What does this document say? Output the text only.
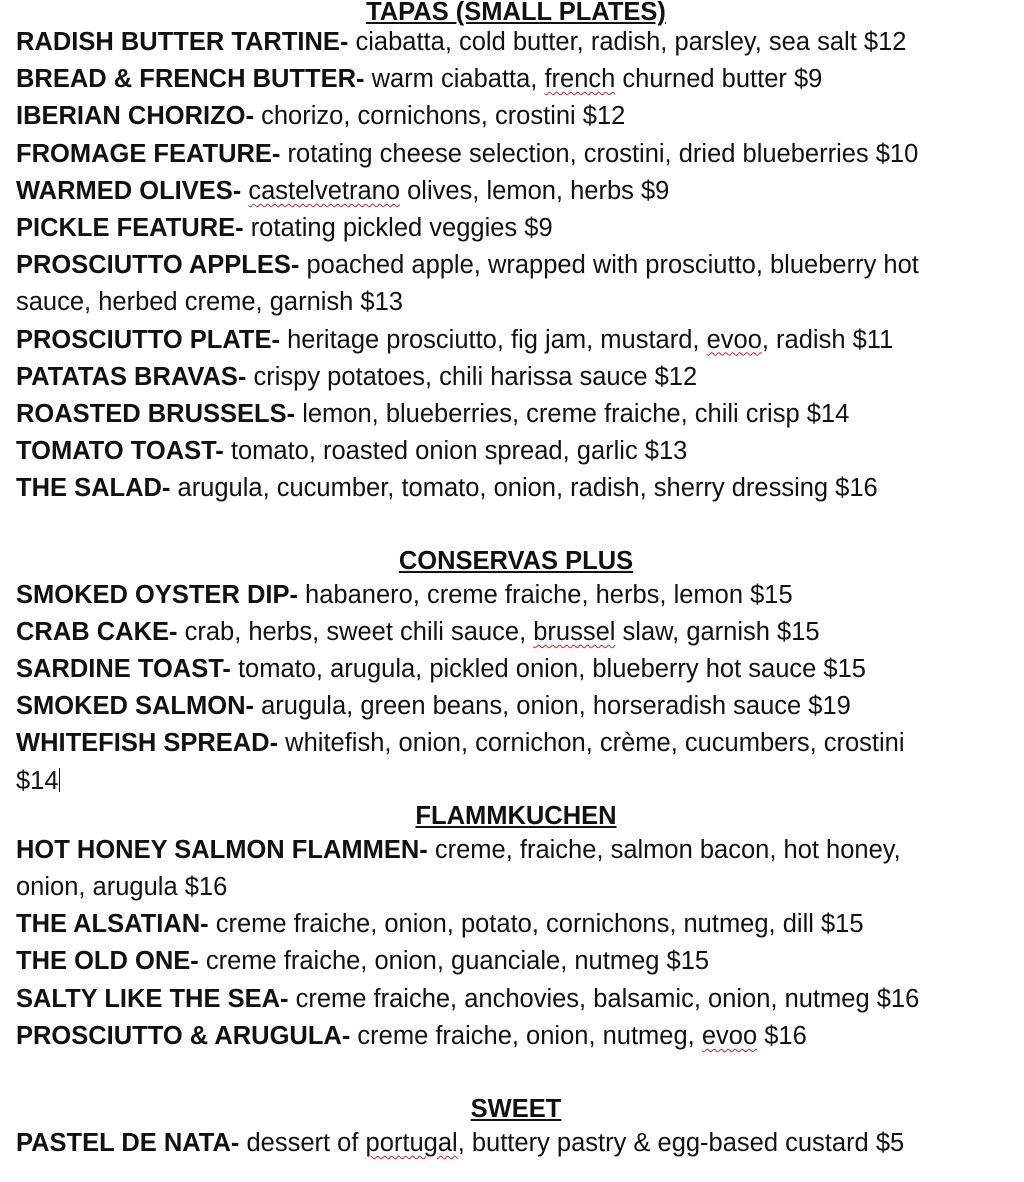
TAPAS (SMALL PLATES)
RADISH BUTTER TARTINE- ciabatta, cold butter, radish, parsley, sea salt $12
BREAD & FRENCH BUTTER- warm ciabatta, french churned butter $9
IBERIAN CHORIZO- chorizo, cornichons, crostini $12
FROMAGE FEATURE- rotating cheese selection, crostini, dried blueberries $10
WARMED OLIVES- castelvetrano olives, lemon, herbs $9
PICKLE FEATURE- rotating pickled veggies $9
PROSCIUTTO APPLES- poached apple, wrapped with prosciutto, blueberry hot
sauce, herbed creme, garnish $13
PROSCIUTTO PLATE- heritage prosciutto, fig jam, mustard, evoo, radish $11
PATATAS BRAVAS- crispy potatoes, chili harissa sauce $12
ROASTED BRUSSELS- lemon, blueberries, creme fraiche, chili crisp $14
TOMATO TOAST- tomato, roasted onion spread, garlic $13
THE SALAD- arugula, cucumber, tomato, onion, radish, sherry dressing $16
CONSERVAS PLUS
SMOKED OYSTER DIP- habanero, creme fraiche, herbs, lemon $15
CRAB CAKE- crab, herbs, sweet chili sauce, brussel slaw, garnish $15
SARDINE TOAST- tomato, arugula, pickled onion, blueberry hot sauce $15
SMOKED SALMON- arugula, green beans, onion, horseradish sauce $19
WHITEFISH SPREAD- whitefish, onion, cornichon, crème, cucumbers, crostini
$14
FLAMMKUCHEN
HOT HONEY SALMON FLAMMEN- creme, fraiche, salmon bacon, hot honey,
onion, arugula $16
THE ALSATIAN- creme fraiche, onion, potato, cornichons, nutmeg, dill $15
THE OLD ONE- creme fraiche, onion, guanciale, nutmeg $15
SALTY LIKE THE SEA- creme fraiche, anchovies, balsamic, onion, nutmeg $16
PROSCIUTTO & ARUGULA- creme fraiche, onion, nutmeg, evoo $16
SWEET
PASTEL DE NATA- dessert of portugal, buttery pastry & egg-based custard $5
